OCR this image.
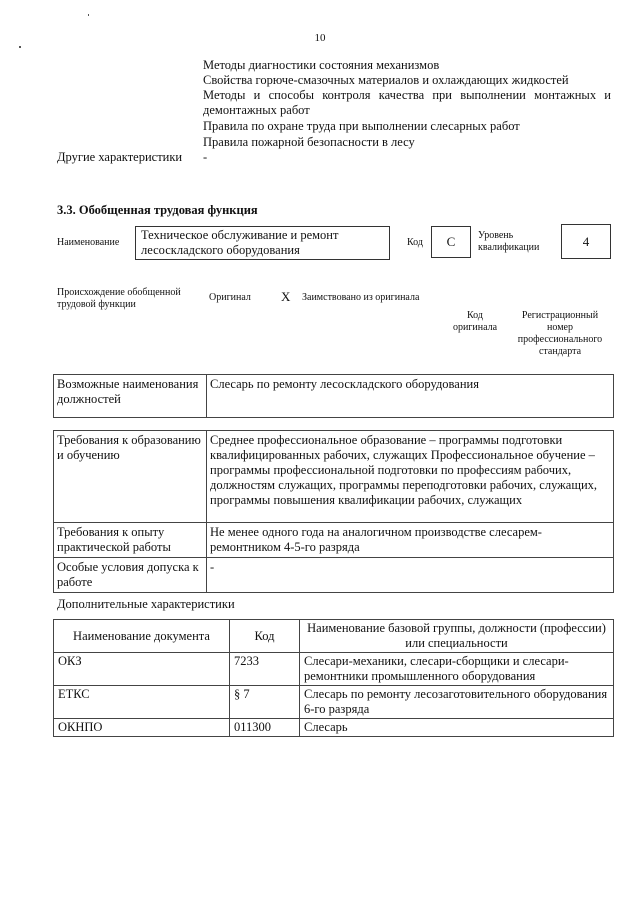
10
Методы диагностики состояния механизмов
Свойства горюче-смазочных материалов и охлаждающих жидкостей
Методы и способы контроля качества при выполнении монтажных и
демонтажных работ
Правила по охране труда при выполнении слесарных работ
Правила пожарной безопасности в лесу
Другие характеристики -
3.3. Обобщенная трудовая функция
Наименование
Техническое обслуживание и ремонт лесоскладского оборудования
Код	C	Уровень квалификации	4
Происхождение обобщенной трудовой функции
Оригинал X Заимствовано из оригинала
Код оригинала
Регистрационный номер профессионального стандарта
Возможные наименования должностей	Слесарь по ремонту лесоскладского оборудования
Требования к образованию и обучению	Среднее профессиональное образование – программы подготовки квалифицированных рабочих, служащих Профессиональное обучение – программы профессиональной подготовки по профессиям рабочих, должностям служащих, программы переподготовки рабочих, служащих, программы повышения квалификации рабочих, служащих
Требования к опыту практической работы	Не менее одного года на аналогичном производстве слесарем-ремонтником 4-5-го разряда
Особые условия допуска к работе	-
Дополнительные характеристики
Наименование документа	Код	Наименование базовой группы, должности (профессии) или специальности
ОКЗ	7233	Слесари-механики, слесари-сборщики и слесари-ремонтники промышленного оборудования
ЕТКС	§ 7	Слесарь по ремонту лесозаготовительного оборудования 6-го разряда
ОКНПО	011300	Слесарь
